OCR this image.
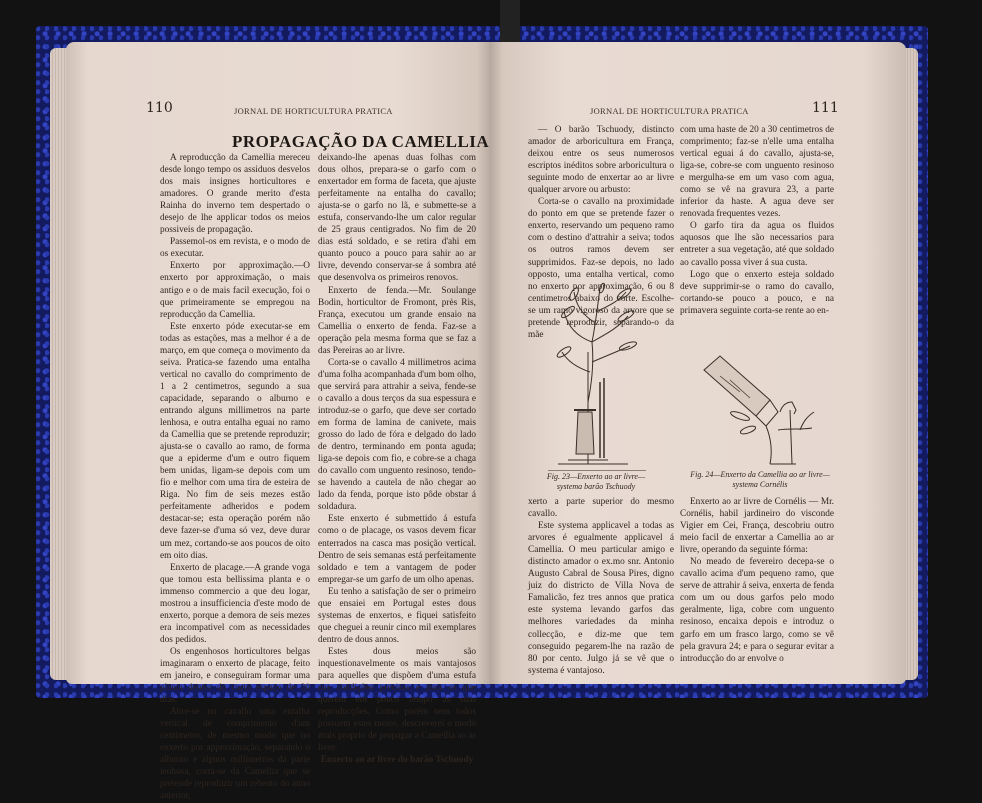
110	JORNAL DE HORTICULTURA PRATICA
PROPAGAÇÃO DA CAMELLIA

A reproducção da Camellia mereceu desde longo tempo os assiduos desvelos dos mais insignes horticultores e amadores. O grande merito d'esta Rainha do inverno tem despertado o desejo de lhe applicar todos os meios possiveis de propagação.

Passemol-os em revista, e o modo de os executar.

Enxerto por approximação.—O enxerto por approximação, o mais antigo e o de mais facil execução, foi o que primeiramente se empregou na reproducção da Camellia.

Este enxerto póde executar-se em todas as estações, mas a melhor é a de março, em que começa o movimento da seiva. Pratica-se fazendo uma entalha vertical no cavallo do comprimento de 1 a 2 centimetros, segundo a sua capacidade, separando o alburno e entrando alguns millimetros na parte lenhosa, e outra entalha eguai no ramo da Camellia que se pretende reproduzir; ajusta-se o cavallo ao ramo, de forma que a epiderme d'um e outro fiquem bem unidas, ligam-se depois com um fio e melhor com uma tira de esteira de Riga. No fim de seis mezes estão perfeitamente adheridos e podem destacar-se; esta operação porém não deve fazer-se d'uma só vez, deve durar um mez, cortando-se aos poucos de oito em oito dias.

Enxerto de placage.—A grande voga que tomou esta bellissima planta e o immenso commercio a que deu logar, mostrou a insufficiencia d'este modo de enxerto, porque a demora de seis mezes era incompativel com as necessidades dos pedidos.

Os engenhosos horticultores belgas imaginaram o enxerto de placage, feito em janeiro, e conseguiram formar uma planta dentro do curto espaço de 20 dias.

Abre-se no cavallo uma entalha vertical de comprimento d'um centimetro, de mesmo modo que no enxerto por approximação, separando o alburno e alguns millimetros da parte lenhosa, corta-se da Camellia que se pretende reproduzir um rebento do anno anterior,

deixando-lhe apenas duas folhas com dous olhos, prepara-se o garfo com o enxertador em forma de faceta, que ajuste perfeitamente na entalha do cavallo; ajusta-se o garfo no lã, e submette-se a estufa, conservando-lhe um calor regular de 25 graus centigrados. No fim de 20 dias está soldado, e se retira d'ahi em quanto pouco a pouco para sahir ao ar livre, devendo conservar-se á sombra até que desenvolva os primeiros renovos.

Enxerto de fenda.—Mr. Soulange Bodin, horticultor de Fromont, près Ris, França, executou um grande ensaio na Camellia o enxerto de fenda. Faz-se a operação pela mesma forma que se faz a das Pereiras ao ar livre.

Corta-se o cavallo 4 millimetros acima d'uma folha acompanhada d'um bom olho, que servirá para attrahir a seiva, fende-se o cavallo a dous terços da sua espessura e introduz-se o garfo, que deve ser cortado em forma de lamina de canivete, mais grosso do lado de fóra e delgado do lado de dentro, terminando em ponta aguda; liga-se depois com fio, e cobre-se a chaga do cavallo com unguento resinoso, tendo-se havendo a cautela de não chegar ao lado da fenda, porque isto pôde obstar á soldadura.

Este enxerto é submettido á estufa como o de placage, os vasos devem ficar enterrados na casca mas posição vertical. Dentro de seis semanas está perfeitamente soldado e tem a vantagem de poder empregar-se um garfo de um olho apenas.

Eu tenho a satisfação de ser o primeiro que ensaiei em Portugal estes dous systemas de enxertos, e fiquei satisfeito que cheguei a reunir cinco mil exemplares dentro de dous annos.

Estes dous meios são inquestionavelmente os mais vantajosos para aquelles que dispõem d'uma estufa nas condições precisas e para os que querem em pouco tempo as suas reproducções. Como porém nem todos possuem estes meios, descreverei o modo mais proprio de propagar a Camellia ao ar livre.

Enxerto ao ar livre do barão Tschuody

JORNAL DE HORTICULTURA PRATICA	111

— O barão Tschuody, distincto amador de arboricultura em França, deixou entre os seus numerosos escriptos inéditos sobre arboricultura o seguinte modo de enxertar ao ar livre qualquer arvore ou arbusto:

Corta-se o cavallo na proximidade do ponto em que se pretende fazer o enxerto, reservando um pequeno ramo com o destino d'attrahir a seiva; todos os outros ramos devem ser supprimidos. Faz-se depois, no lado opposto, uma entalha vertical, como no enxerto por approximação, 6 ou 8 centimetros abaixo do corte. Escolhe-se um ramo vigoroso da arvore que se pretende reproduzir, separando-o da mãe

com uma haste de 20 a 30 centimetros de comprimento; faz-se n'elle uma entalha vertical eguai á do cavallo, ajusta-se, liga-se, cobre-se com unguento resinoso e mergulha-se em um vaso com agua, como se vê na gravura 23, a parte inferior da haste. A agua deve ser renovada frequentes vezes.

O garfo tira da agua os fluidos aquosos que lhe são necessarios para entreter a sua vegetação, até que soldado ao cavallo possa viver á sua custa.

Logo que o enxerto esteja soldado deve supprimir-se o ramo do cavallo, cortando-se pouco a pouco, e na primavera seguinte corta-se rente ao en-

Fig. 23—Enxerto ao ar livre— systema barão Tschuody
Fig. 24—Enxerto da Camellia ao ar livre— systema Cornélis

xerto a parte superior do mesmo cavallo.

Este systema applicavel a todas as arvores é egualmente applicavel á Camellia. O meu particular amigo e distincto amador o ex.mo snr. Antonio Augusto Cabral de Sousa Pires, digno juiz do districto de Villa Nova de Famalicão, fez tres annos que pratica este systema levando garfos das melhores variedades da minha collecção, e diz-me que tem conseguido pegarem-lhe na razão de 80 por cento. Julgo já se vê que o systema é vantajoso.

Enxerto ao ar livre de Cornélis — Mr. Cornélis, habil jardineiro do visconde Vigier em Cei, França, descobriu outro meio facil de enxertar a Camellia ao ar livre, operando da seguinte fórma:

No meado de fevereiro decepa-se o cavallo acima d'um pequeno ramo, que serve de attrahir á seiva, enxerta de fenda com um ou dous garfos pelo modo geralmente, liga, cobre com unguento resinoso, encaixa depois e introduz o garfo em um frasco largo, como se vê pela gravura 24; e para o segurar evitar a introducção do ar envolve o
